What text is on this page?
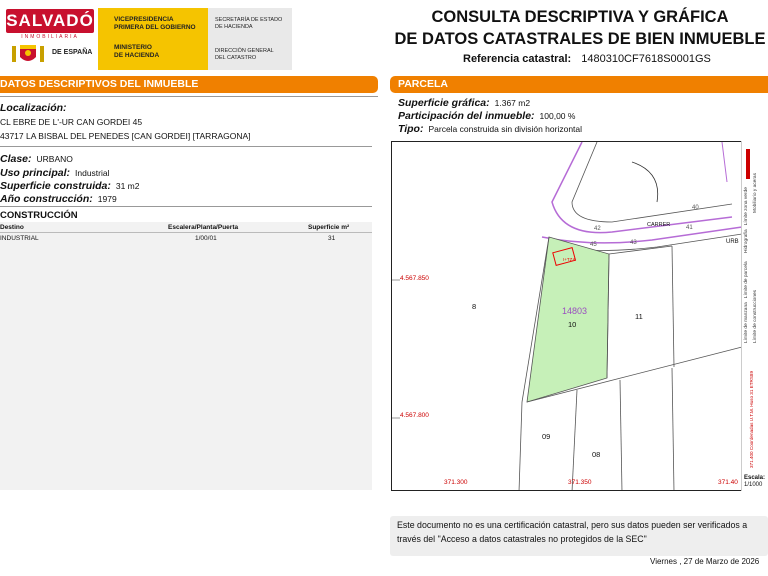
SALVADÓ
INMOBILIARIA
DE ESPAÑA
VICEPRESIDENCIA
PRIMERA DEL GOBIERNO
MINISTERIO
DE HACIENDA
SECRETARÍA DE ESTADO
DE HACIENDA
DIRECCIÓN GENERAL
DEL CATASTRO
CONSULTA DESCRIPTIVA Y GRÁFICA
DE DATOS CATASTRALES DE BIEN INMUEBLE
Referencia catastral: 1480310CF7618S0001GS
DATOS DESCRIPTIVOS DEL INMUEBLE
Localización:
CL EBRE DE L'-UR CAN GORDEI 45
43717 LA BISBAL DEL PENEDES [CAN GORDEI] [TARRAGONA]
Clase: URBANO
Uso principal: Industrial
Superficie construida: 31 m2
Año construcción: 1979
CONSTRUCCIÓN
Destino	Escalera/Planta/Puerta	Superficie m²
INDUSTRIAL	1/00/01	31
PARCELA
Superficie gráfica: 1.367 m2
Participación del inmueble: 100,00 %
Tipo: Parcela construida sin división horizontal
4.567.850
4.567.800
371.300	371.350	371.40
14803
10
11
8
09
08
CARRER
URB
42
40
41
43
45
I+TZA
Hidrografía   Límite zona verde Mobiliario y aceras
Límite de manzana   Límite de parcela
Límite de construcciones
371.400 Coordenadas U.T.M. Huso 31 ETRS89
Escala:
1/1000
Este documento no es una certificación catastral, pero sus datos pueden ser verificados a través del "Acceso a datos catastrales no protegidos de la SEC"
Viernes , 27 de Marzo de 2026
